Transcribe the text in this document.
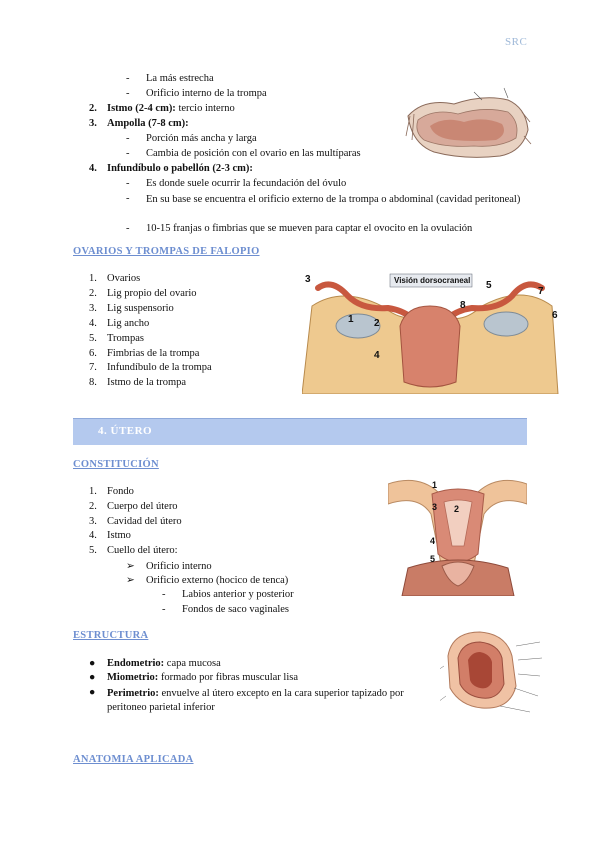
SRC
- La más estrecha
- Orificio interno de la trompa
2. Istmo (2-4 cm): tercio interno
3. Ampolla (7-8 cm):
- Porción más ancha y larga
- Cambia de posición con el ovario en las multíparas
4. Infundíbulo o pabellón (2-3 cm):
- Es donde suele ocurrir la fecundación del óvulo
-	En su base se encuentra el orificio externo de la trompa o abdominal (cavidad peritoneal)
- 10-15 franjas o fimbrias que se mueven para captar el ovocito en la ovulación
OVARIOS Y TROMPAS DE FALOPIO
1. Ovarios
2. Lig propio del ovario
3. Lig suspensorio
4. Lig ancho
5. Trompas
6. Fimbrias de la trompa
7. Infundíbulo de la trompa
8. Istmo de la trompa
Visión dorsocraneal
3
5
7
8
1 2
4
6
4. ÚTERO
CONSTITUCIÓN
1. Fondo
2. Cuerpo del útero
3. Cavidad del útero
4. Istmo
5. Cuello del útero:
➢ Orificio interno
➢ Orificio externo (hocico de tenca)
- Labios anterior y posterior
- Fondos de saco vaginales
1
3 2
4
5
ESTRUCTURA
● Endometrio: capa mucosa
● Miometrio: formado por fibras muscular lisa
●	Perimetrio: envuelve al útero excepto en la cara superior tapizado por peritoneo parietal inferior
ANATOMIA APLICADA
